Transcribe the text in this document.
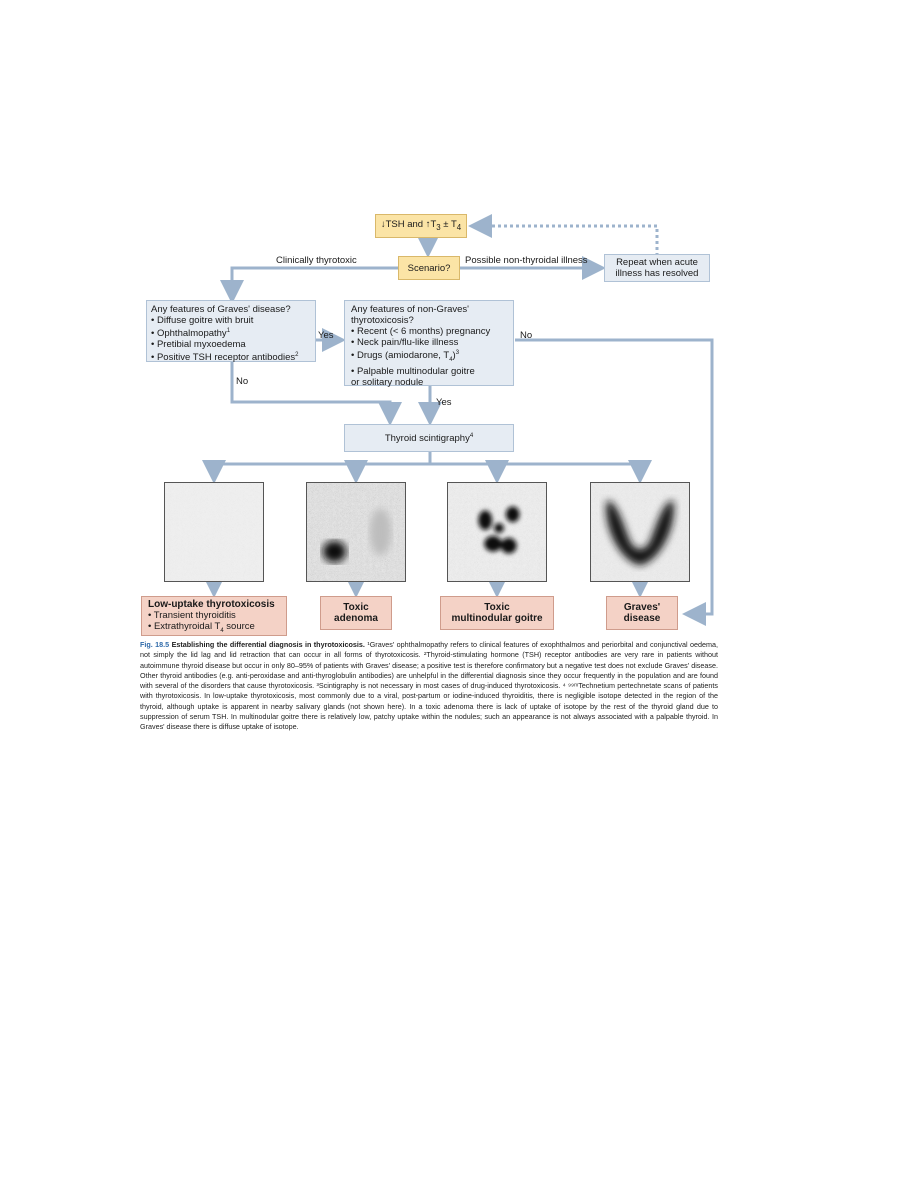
↓TSH and $↑T_3 \pm T_4$
Scenario?
Clinically thyrotoxic	Possible non-thyroidal illness	Repeat when acute
illness has resolved
Any features of Graves' disease?
• Diffuse goitre with bruit
• Ophthalmopathy$^1$
• Pretibial myxoedema
• Positive TSH receptor antibodies$^2$
Yes
No
Any features of non-Graves'
thyrotoxicosis?
• Recent (< 6 months) pregnancy
• Neck pain/flu-like illness
• Drugs (amiodarone, $T_4)^3$
• Palpable multinodular goitre
or solitary nodule
No
Yes
Thyroid scintigraphy$^4$
Low-uptake thyrotoxicosis
• Transient thyroiditis
• Extrathyroidal $T_4$ source
Toxic
adenoma
Toxic
multinodular goitre
Graves'
disease
Fig. 18.5 Establishing the differential diagnosis in thyrotoxicosis. ¹Graves' ophthalmopathy refers to clinical features of exophthalmos and periorbital and conjunctival oedema, not simply the lid lag and lid retraction that can occur in all forms of thyrotoxicosis. ²Thyroid-stimulating hormone (TSH) receptor antibodies are very rare in patients without autoimmune thyroid disease but occur in only 80–95% of patients with Graves' disease; a positive test is therefore confirmatory but a negative test does not exclude Graves' disease. Other thyroid antibodies (e.g. anti-peroxidase and anti-thyroglobulin antibodies) are unhelpful in the differential diagnosis since they occur frequently in the population and are found with several of the disorders that cause thyrotoxicosis. ³Scintigraphy is not necessary in most cases of drug-induced thyrotoxicosis. ⁴ ⁹⁹ᵐTechnetium pertechnetate scans of patients with thyrotoxicosis. In low-uptake thyrotoxicosis, most commonly due to a viral, post-partum or iodine-induced thyroiditis, there is negligible isotope detected in the region of the thyroid, although uptake is apparent in nearby salivary glands (not shown here). In a toxic adenoma there is lack of uptake of isotope by the rest of the thyroid gland due to suppression of serum TSH. In multinodular goitre there is relatively low, patchy uptake within the nodules; such an appearance is not always associated with a palpable thyroid. In Graves' disease there is diffuse uptake of isotope.
